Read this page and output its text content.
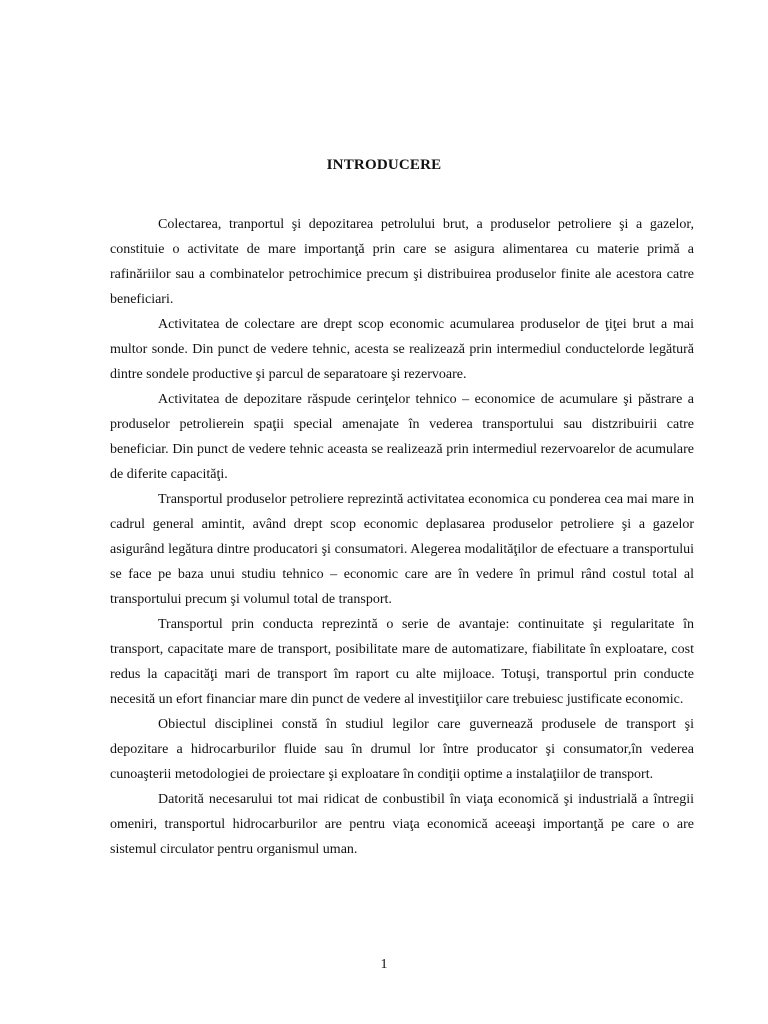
INTRODUCERE

Colectarea, tranportul şi depozitarea petrolului brut, a produselor petroliere şi a gazelor, constituie o activitate de mare importanţă prin care se asigura alimentarea cu materie primă a rafinăriilor sau a combinatelor petrochimice precum şi distribuirea produselor finite ale acestora catre beneficiari.

Activitatea de colectare are drept scop economic acumularea produselor de ţiţei brut a mai multor sonde. Din punct de vedere tehnic, acesta se realizează prin intermediul conductelorde legătură dintre sondele productive şi parcul de separatoare şi rezervoare.

Activitatea de depozitare răspude cerinţelor tehnico – economice de acumulare şi păstrare a produselor petrolierein spaţii special amenajate în vederea transportului sau distzribuirii catre beneficiar. Din punct de vedere tehnic aceasta se realizează prin intermediul rezervoarelor de acumulare de diferite capacităţi.

Transportul produselor petroliere reprezintă activitatea economica cu ponderea cea mai mare in cadrul general amintit, având drept scop economic deplasarea produselor petroliere şi a gazelor asigurând legătura dintre producatori şi consumatori. Alegerea modalităţilor de efectuare a transportului se face pe baza unui studiu tehnico – economic care are în vedere în primul rând costul total al transportului precum şi volumul total de transport.

Transportul prin conducta reprezintă o serie de avantaje: continuitate şi regularitate în transport, capacitate mare de transport, posibilitate mare de automatizare, fiabilitate în exploatare, cost redus la capacităţi mari de transport îm raport cu alte mijloace. Totuşi, transportul prin conducte necesită un efort financiar mare din punct de vedere al investiţiilor care trebuiesc justificate economic.

Obiectul disciplinei constă în studiul legilor care guvernează produsele de transport şi depozitare a hidrocarburilor fluide sau în drumul lor între producator şi consumator,în vederea cunoaşterii metodologiei de proiectare şi exploatare în condiţii optime a instalaţiilor de transport.

Datorită necesarului tot mai ridicat de conbustibil în viaţa economică şi industrială a întregii omeniri, transportul hidrocarburilor are pentru viaţa economică aceeaşi importanţă pe care o are sistemul circulator pentru organismul uman.

1
